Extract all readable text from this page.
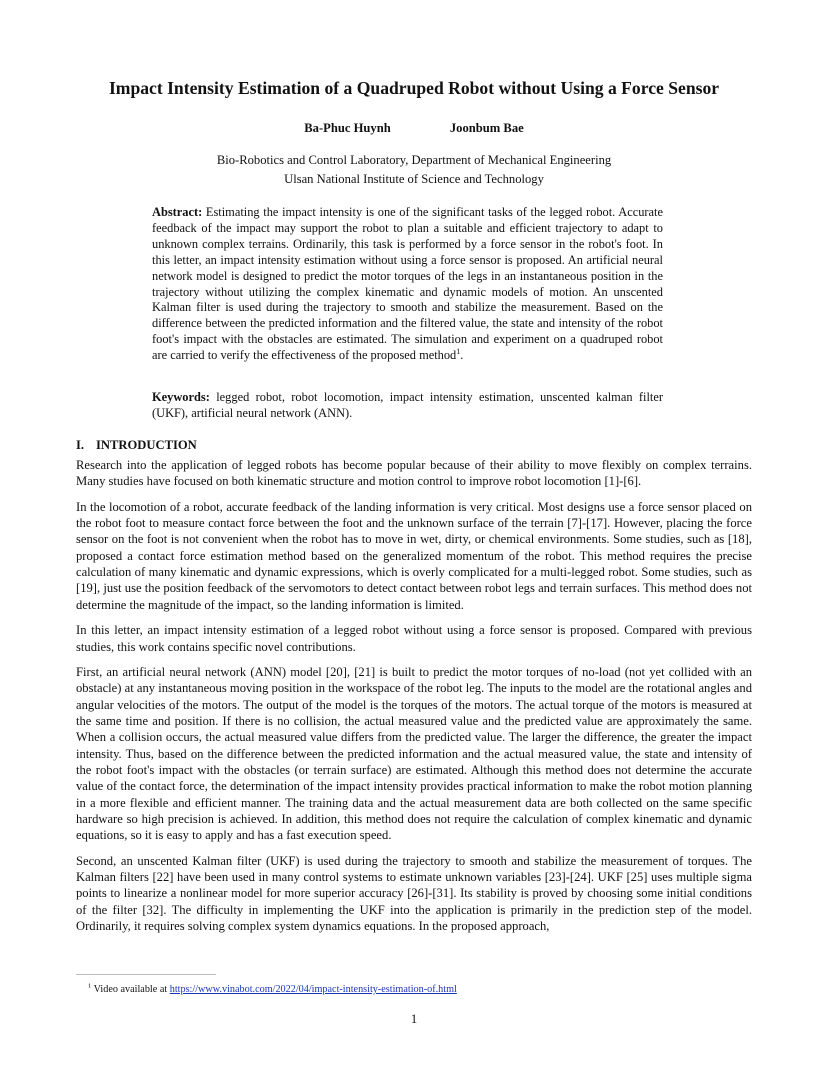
Impact Intensity Estimation of a Quadruped Robot without Using a Force Sensor
Ba-Phuc Huynh	Joonbum Bae
Bio-Robotics and Control Laboratory, Department of Mechanical Engineering
Ulsan National Institute of Science and Technology

Abstract: Estimating the impact intensity is one of the significant tasks of the legged robot. Accurate feedback of the impact may support the robot to plan a suitable and efficient trajectory to adapt to unknown complex terrains. Ordinarily, this task is performed by a force sensor in the robot's foot. In this letter, an impact intensity estimation without using a force sensor is proposed. An artificial neural network model is designed to predict the motor torques of the legs in an instantaneous position in the trajectory without utilizing the complex kinematic and dynamic models of motion. An unscented Kalman filter is used during the trajectory to smooth and stabilize the measurement. Based on the difference between the predicted information and the filtered value, the state and intensity of the robot foot's impact with the obstacles are estimated. The simulation and experiment on a quadruped robot are carried to verify the effectiveness of the proposed method$^1$.

Keywords: legged robot, robot locomotion, impact intensity estimation, unscented kalman filter (UKF), artificial neural network (ANN).

I. INTRODUCTION

Research into the application of legged robots has become popular because of their ability to move flexibly on complex terrains. Many studies have focused on both kinematic structure and motion control to improve robot locomotion [1]-[6].

In the locomotion of a robot, accurate feedback of the landing information is very critical. Most designs use a force sensor placed on the robot foot to measure contact force between the foot and the unknown surface of the terrain [7]-[17]. However, placing the force sensor on the foot is not convenient when the robot has to move in wet, dirty, or chemical environments. Some studies, such as [18], proposed a contact force estimation method based on the generalized momentum of the robot. This method requires the precise calculation of many kinematic and dynamic expressions, which is overly complicated for a multi-legged robot. Some studies, such as [19], just use the position feedback of the servomotors to detect contact between robot legs and terrain surfaces. This method does not determine the magnitude of the impact, so the landing information is limited.

In this letter, an impact intensity estimation of a legged robot without using a force sensor is proposed. Compared with previous studies, this work contains specific novel contributions.

First, an artificial neural network (ANN) model [20], [21] is built to predict the motor torques of no-load (not yet collided with an obstacle) at any instantaneous moving position in the workspace of the robot leg. The inputs to the model are the rotational angles and angular velocities of the motors. The output of the model is the torques of the motors. The actual torque of the motors is measured at the same time and position. If there is no collision, the actual measured value and the predicted value are approximately the same. When a collision occurs, the actual measured value differs from the predicted value. The larger the difference, the greater the impact intensity. Thus, based on the difference between the predicted information and the actual measured value, the state and intensity of the robot foot's impact with the obstacles (or terrain surface) are estimated. Although this method does not determine the accurate value of the contact force, the determination of the impact intensity provides practical information to make the robot motion planning in a more flexible and efficient manner. The training data and the actual measurement data are both collected on the same specific hardware so high precision is achieved. In addition, this method does not require the calculation of complex kinematic and dynamic equations, so it is easy to apply and has a fast execution speed.

Second, an unscented Kalman filter (UKF) is used during the trajectory to smooth and stabilize the measurement of torques. The Kalman filters [22] have been used in many control systems to estimate unknown variables [23]-[24]. UKF [25] uses multiple sigma points to linearize a nonlinear model for more superior accuracy [26]-[31]. Its stability is proved by choosing some initial conditions of the filter [32]. The difficulty in implementing the UKF into the application is primarily in the prediction step of the model. Ordinarily, it requires solving complex system dynamics equations. In the proposed approach,

$^1$ Video available at https://www.vinabot.com/2022/04/impact-intensity-estimation-of.html
1
